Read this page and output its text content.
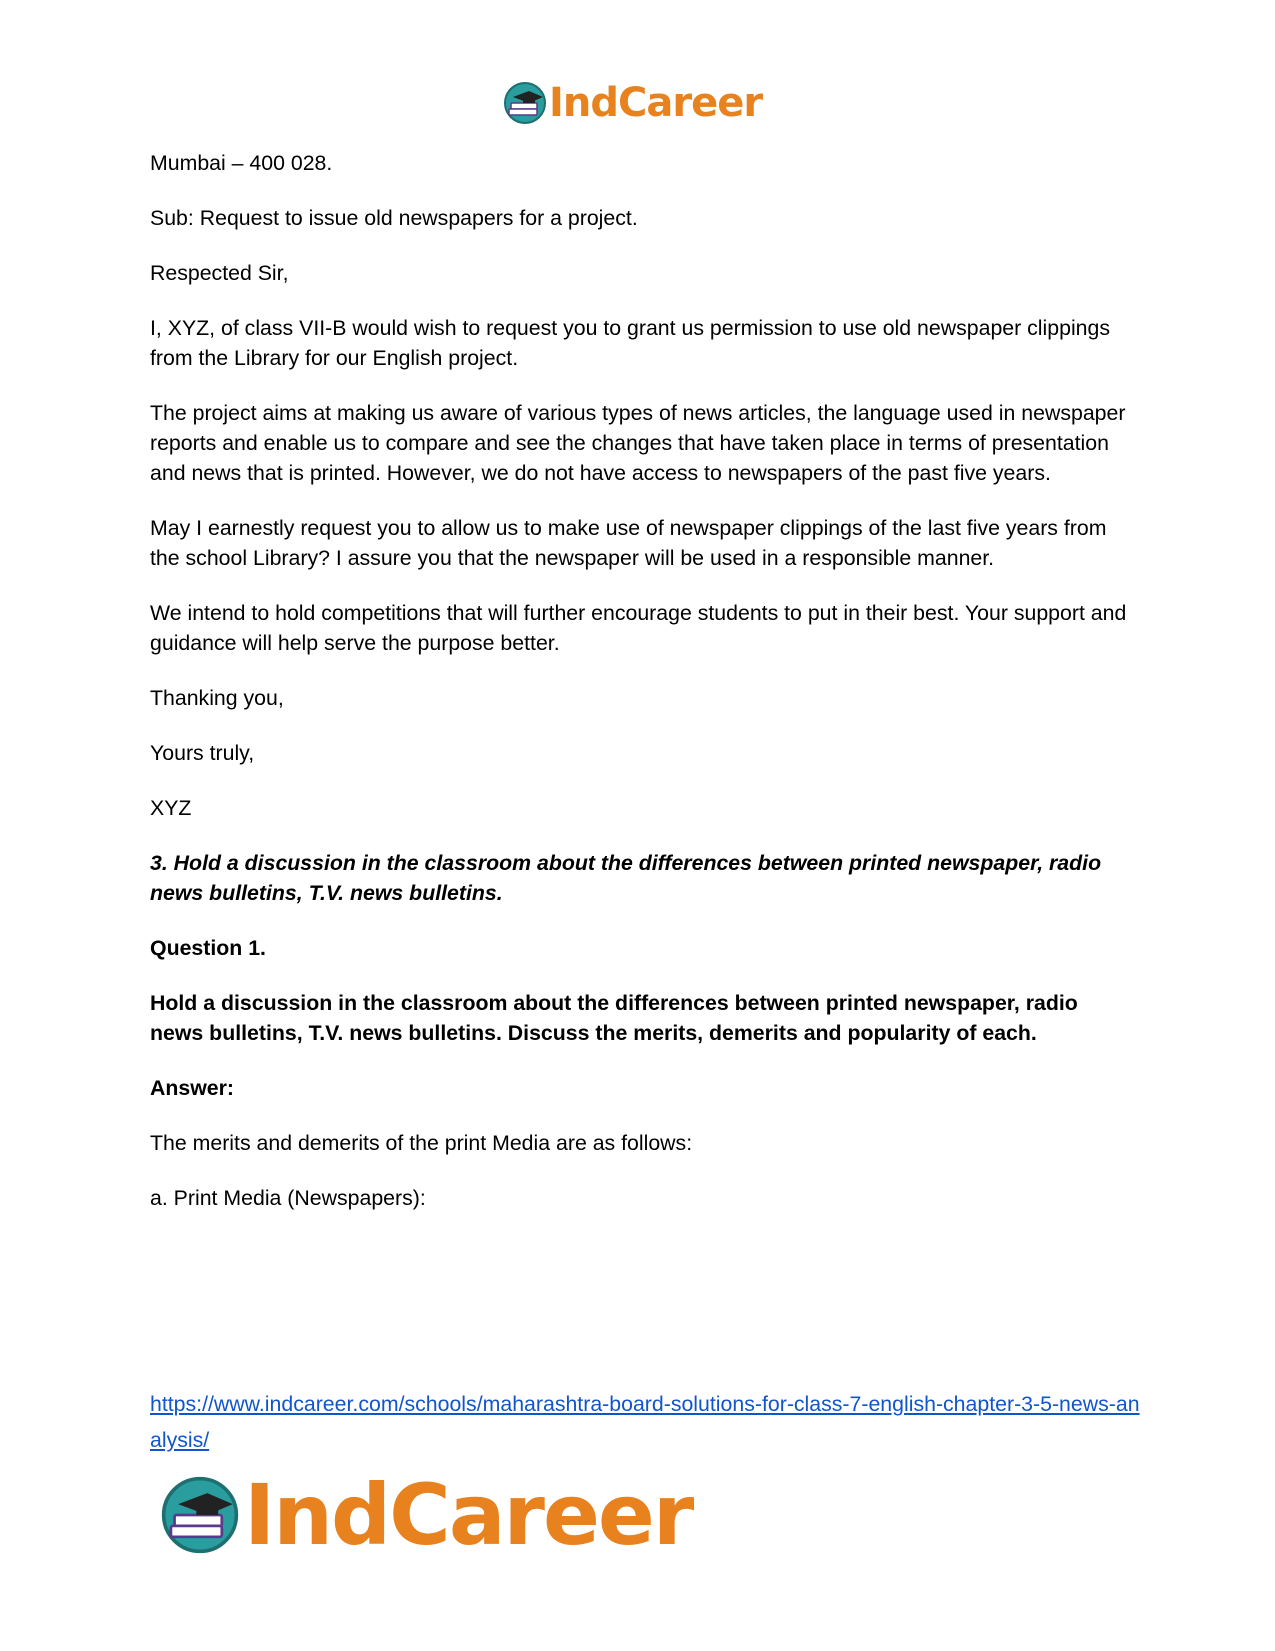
IndCareer

Mumbai – 400 028.

Sub: Request to issue old newspapers for a project.

Respected Sir,

I, XYZ, of class VII-B would wish to request you to grant us permission to use old newspaper clippings from the Library for our English project.

The project aims at making us aware of various types of news articles, the language used in newspaper reports and enable us to compare and see the changes that have taken place in terms of presentation and news that is printed. However, we do not have access to newspapers of the past five years.

May I earnestly request you to allow us to make use of newspaper clippings of the last five years from the school Library? I assure you that the newspaper will be used in a responsible manner.

We intend to hold competitions that will further encourage students to put in their best. Your support and guidance will help serve the purpose better.

Thanking you,

Yours truly,

XYZ

3. Hold a discussion in the classroom about the differences between printed newspaper, radio news bulletins, T.V. news bulletins.

Question 1.

Hold a discussion in the classroom about the differences between printed newspaper, radio news bulletins, T.V. news bulletins. Discuss the merits, demerits and popularity of each.

Answer:

The merits and demerits of the print Media are as follows:

a. Print Media (Newspapers):

https://www.indcareer.com/schools/maharashtra-board-solutions-for-class-7-english-chapter-3-5-news-analysis/
IndCareer
